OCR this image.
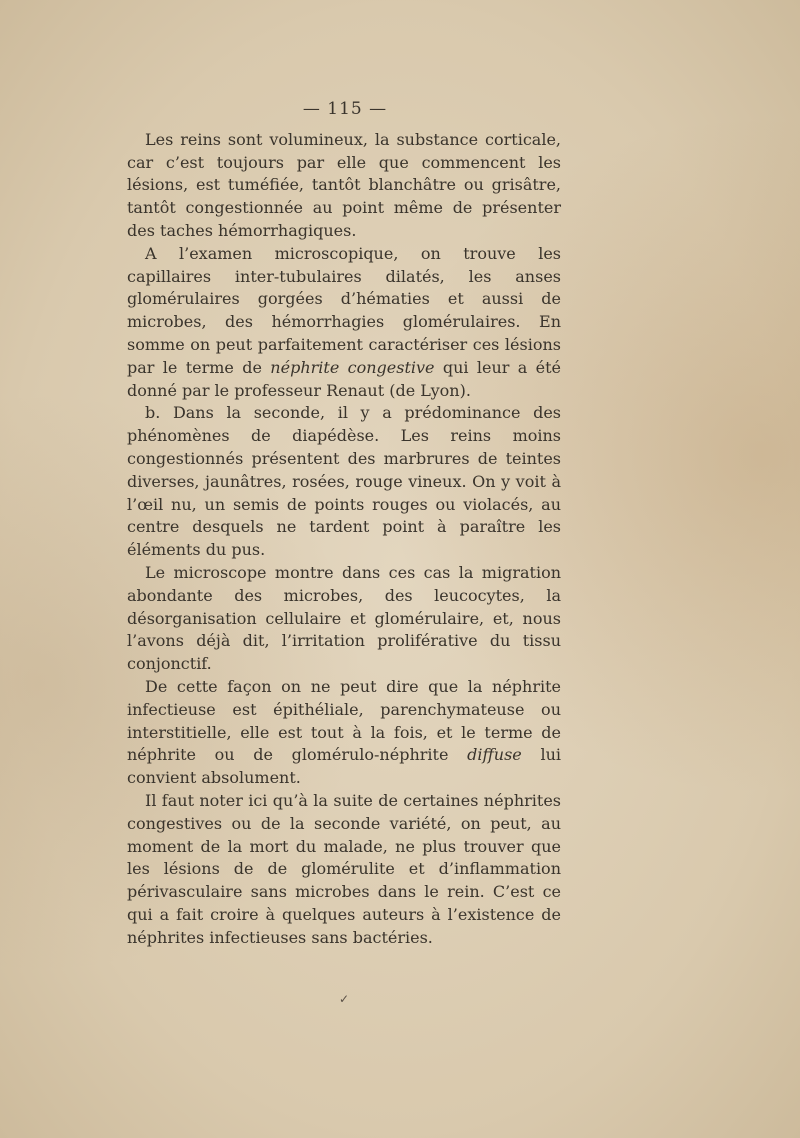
— 115 —

Les reins sont volumineux, la substance corticale, car c’est toujours par elle que commencent les lésions, est tuméfiée, tantôt blanchâtre ou grisâtre, tantôt congestionnée au point même de présenter des taches hémorrhagiques.

A l’examen microscopique, on trouve les capillaires inter-tubulaires dilatés, les anses glomérulaires gorgées d’hématies et aussi de microbes, des hémorrhagies glomérulaires. En somme on peut parfaitement caractériser ces lésions par le terme de néphrite congestive qui leur a été donné par le professeur Renaut (de Lyon).

b. Dans la seconde, il y a prédominance des phénomènes de diapédèse. Les reins moins congestionnés présentent des marbrures de teintes diverses, jaunâtres, rosées, rouge vineux. On y voit à l’œil nu, un semis de points rouges ou violacés, au centre desquels ne tardent point à paraître les éléments du pus.

Le microscope montre dans ces cas la migration abondante des microbes, des leucocytes, la désorganisation cellulaire et glomérulaire, et, nous l’avons déjà dit, l’irritation proliférative du tissu conjonctif.

De cette façon on ne peut dire que la néphrite infectieuse est épithéliale, parenchymateuse ou interstitielle, elle est tout à la fois, et le terme de néphrite ou de glomérulo-néphrite diffuse lui convient absolument.

Il faut noter ici qu’à la suite de certaines néphrites congestives ou de la seconde variété, on peut, au moment de la mort du malade, ne plus trouver que les lésions de de glomérulite et d’inflammation périvasculaire sans microbes dans le rein. C’est ce qui a fait croire à quelques auteurs à l’existence de néphrites infectieuses sans bactéries.

✓
